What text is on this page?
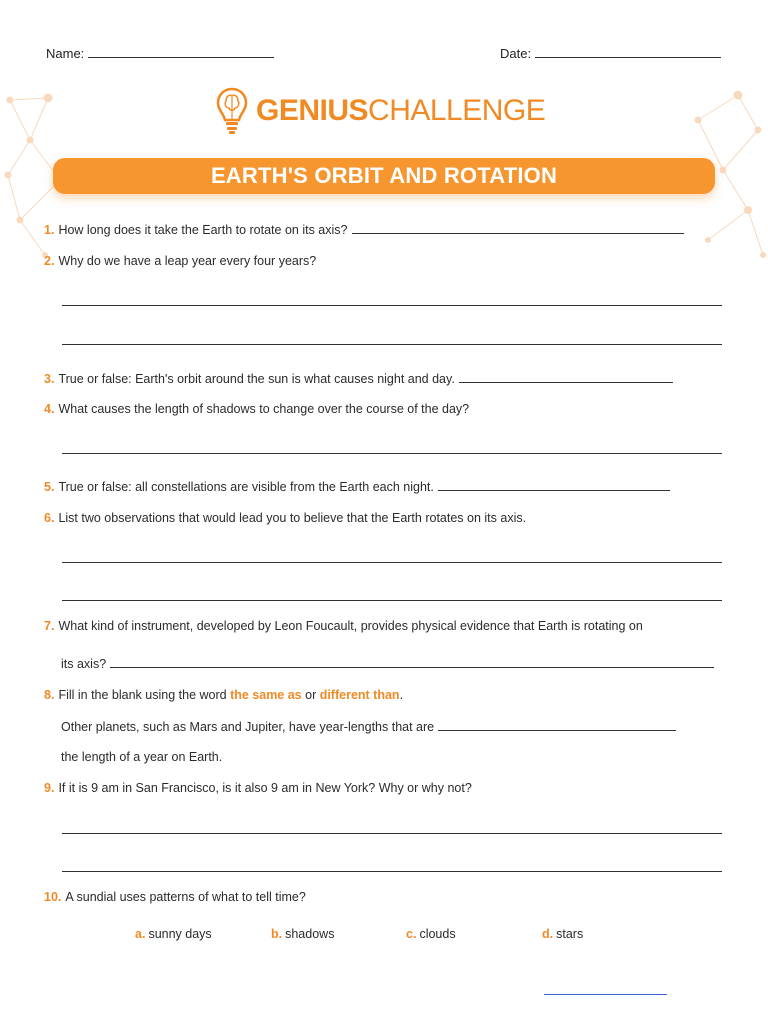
Name:	Date:
GENIUSCHALLENGE
EARTH'S ORBIT AND ROTATION
1. How long does it take the Earth to rotate on its axis?
2. Why do we have a leap year every four years?
3. True or false: Earth's orbit around the sun is what causes night and day.
4. What causes the length of shadows to change over the course of the day?
5. True or false: all constellations are visible from the Earth each night.
6. List two observations that would lead you to believe that the Earth rotates on its axis.
7. What kind of instrument, developed by Leon Foucault, provides physical evidence that Earth is rotating on
its axis?
8. Fill in the blank using the word the same as or different than.
Other planets, such as Mars and Jupiter, have year-lengths that are
the length of a year on Earth.
9. If it is 9 am in San Francisco, is it also 9 am in New York? Why or why not?
10. A sundial uses patterns of what to tell time?
a. sunny days	b. shadows	c. clouds	d. stars
